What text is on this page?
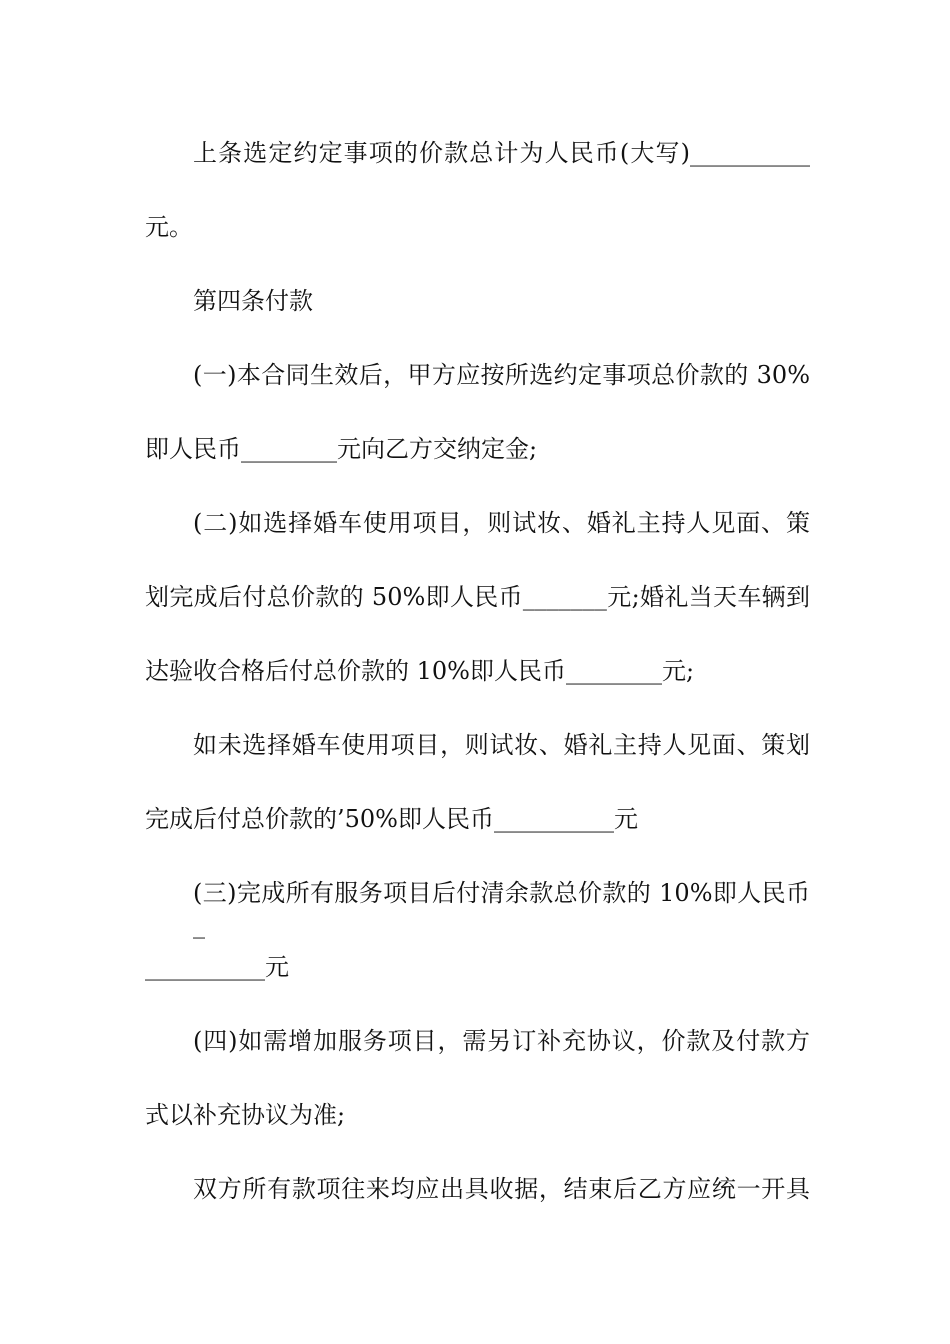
上条选定约定事项的价款总计为人民币(大写)__________
元。
第四条付款
(一)本合同生效后，甲方应按所选约定事项总价款的 30%
即人民币________元向乙方交纳定金;
(二)如选择婚车使用项目，则试妆、婚礼主持人见面、策
划完成后付总价款的 50%即人民币_______元;婚礼当天车辆到
达验收合格后付总价款的 10%即人民币________元;
如未选择婚车使用项目，则试妆、婚礼主持人见面、策划
完成后付总价款的’50%即人民币__________元
(三)完成所有服务项目后付清余款总价款的 10%即人民币_
__________元
(四)如需增加服务项目，需另订补充协议，价款及付款方
式以补充协议为准;
双方所有款项往来均应出具收据，结束后乙方应统一开具
